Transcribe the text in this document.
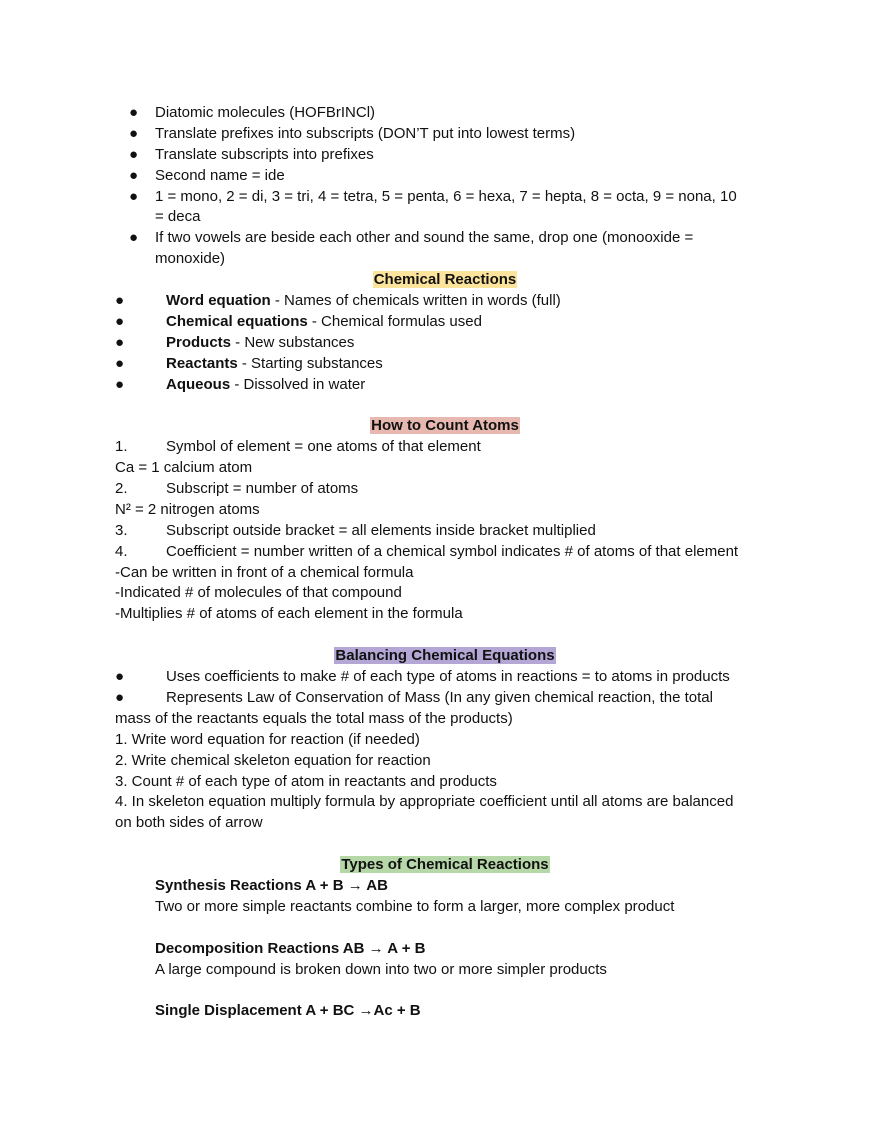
● Diatomic molecules (HOFBrINCl)
● Translate prefixes into subscripts (DON’T put into lowest terms)
● Translate subscripts into prefixes
● Second name = ide
● 1 = mono, 2 = di, 3 = tri, 4 = tetra, 5 = penta, 6 = hexa, 7 = hepta, 8 = octa, 9 = nona, 10
= deca
● If two vowels are beside each other and sound the same, drop one (monooxide =
monoxide)
Chemical Reactions
●	Word equation - Names of chemicals written in words (full)
●	Chemical equations - Chemical formulas used
●	Products - New substances
●	Reactants - Starting substances
●	Aqueous - Dissolved in water
How to Count Atoms
1.	Symbol of element = one atoms of that element
Ca = 1 calcium atom
2.	Subscript = number of atoms
N² = 2 nitrogen atoms
3.	Subscript outside bracket = all elements inside bracket multiplied
4.	Coefficient = number written of a chemical symbol indicates # of atoms of that element
-Can be written in front of a chemical formula
-Indicated # of molecules of that compound
-Multiplies # of atoms of each element in the formula
Balancing Chemical Equations
●	Uses coefficients to make # of each type of atoms in reactions = to atoms in products
●	Represents Law of Conservation of Mass (In any given chemical reaction, the total
mass of the reactants equals the total mass of the products)
1. Write word equation for reaction (if needed)
2. Write chemical skeleton equation for reaction
3. Count # of each type of atom in reactants and products
4. In skeleton equation multiply formula by appropriate coefficient until all atoms are balanced
on both sides of arrow
Types of Chemical Reactions
Synthesis Reactions A + B → AB
Two or more simple reactants combine to form a larger, more complex product
Decomposition Reactions AB → A + B
A large compound is broken down into two or more simpler products
Single Displacement A + BC →Ac + B
